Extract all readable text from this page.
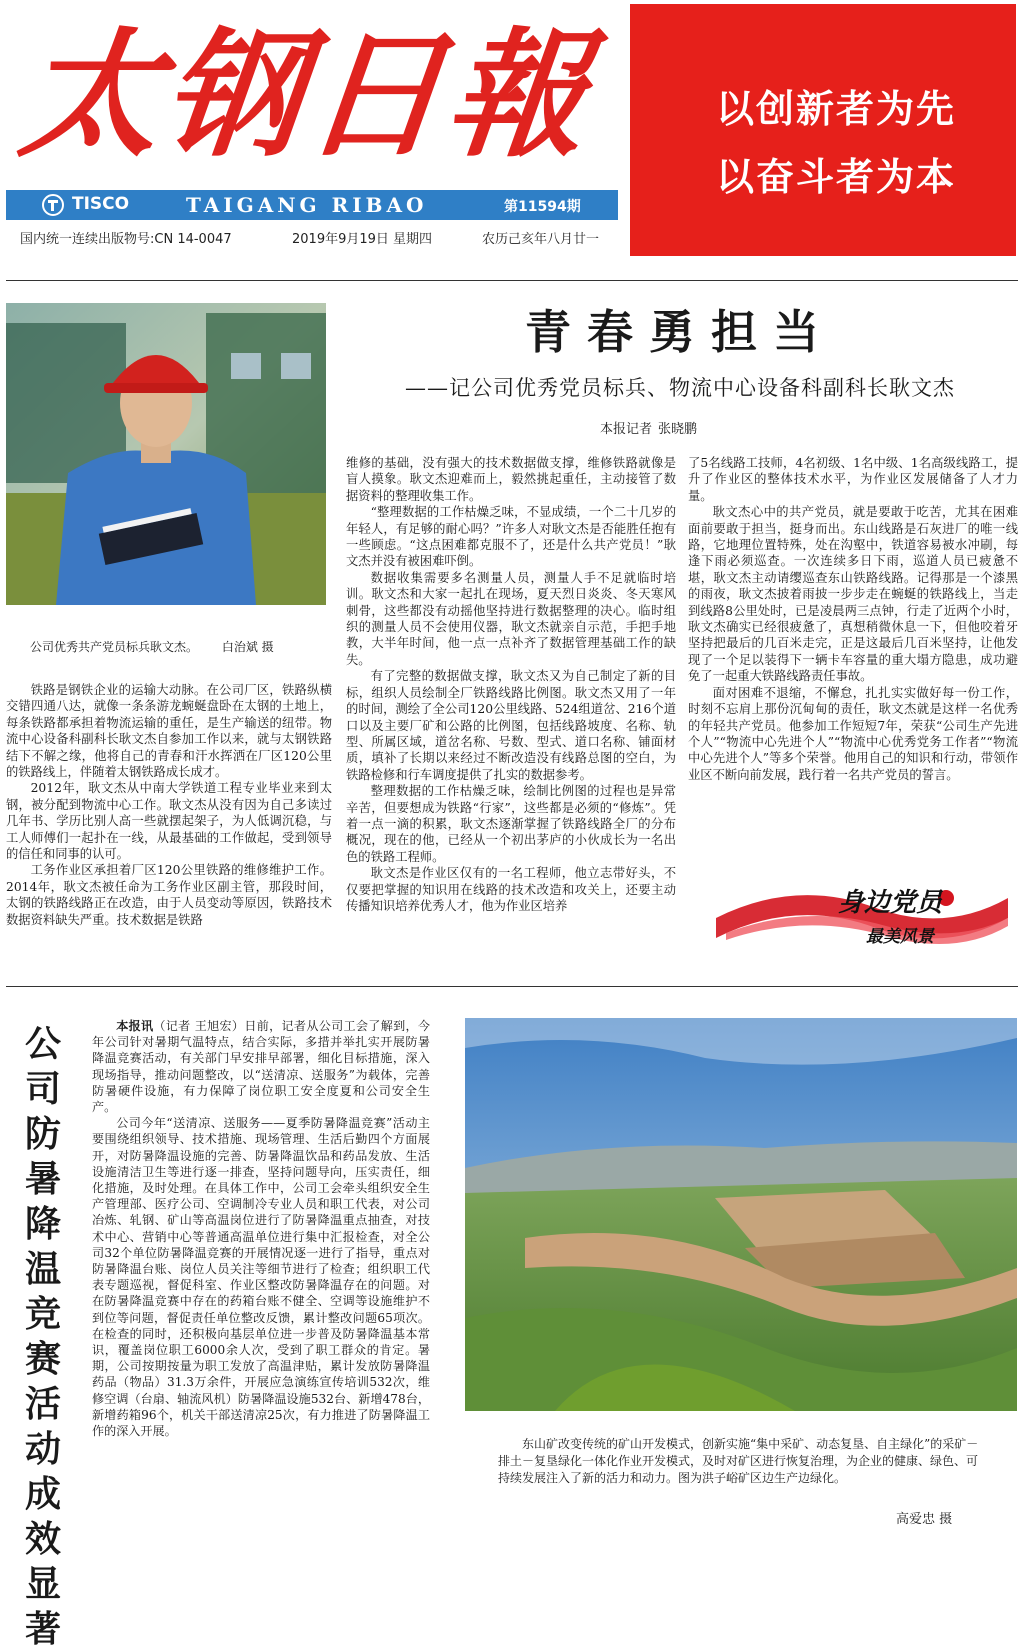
太钢日報	以创新者为先
以奋斗者为本
TISCO	TAIGANG RIBAO	第11594期
国内统一连续出版物号:CN 14-0047	2019年9月19日 星期四	农历己亥年八月廿一
公司优秀共产党员标兵耿文杰。 白治斌 摄
青春勇担当
——记公司优秀党员标兵、物流中心设备科副科长耿文杰
本报记者 张晓鹏

铁路是钢铁企业的运输大动脉。在公司厂区，铁路纵横交错四通八达，就像一条条游龙蜿蜒盘卧在太钢的土地上，每条铁路都承担着物流运输的重任，是生产输送的纽带。物流中心设备科副科长耿文杰自参加工作以来，就与太钢铁路结下不解之缘，他将自己的青春和汗水挥洒在厂区120公里的铁路线上，伴随着太钢铁路成长成才。

2012年，耿文杰从中南大学铁道工程专业毕业来到太钢，被分配到物流中心工作。耿文杰从没有因为自己多读过几年书、学历比别人高一些就摆起架子，为人低调沉稳，与工人师傅们一起扑在一线，从最基础的工作做起，受到领导的信任和同事的认可。

工务作业区承担着厂区120公里铁路的维修维护工作。2014年，耿文杰被任命为工务作业区副主管，那段时间，太钢的铁路线路正在改造，由于人员变动等原因，铁路技术数据资料缺失严重。技术数据是铁路

维修的基础，没有强大的技术数据做支撑，维修铁路就像是盲人摸象。耿文杰迎难而上，毅然挑起重任，主动接管了数据资料的整理收集工作。

“整理数据的工作枯燥乏味，不显成绩，一个二十几岁的年轻人，有足够的耐心吗？”许多人对耿文杰是否能胜任抱有一些顾虑。“这点困难都克服不了，还是什么共产党员！”耿文杰并没有被困难吓倒。

数据收集需要多名测量人员，测量人手不足就临时培训。耿文杰和大家一起扎在现场，夏天烈日炎炎、冬天寒风刺骨，这些都没有动摇他坚持进行数据整理的决心。临时组织的测量人员不会使用仪器，耿文杰就亲自示范，手把手地教，大半年时间，他一点一点补齐了数据管理基础工作的缺失。

有了完整的数据做支撑，耿文杰又为自己制定了新的目标，组织人员绘制全厂铁路线路比例图。耿文杰又用了一年的时间，测绘了全公司120公里线路、524组道岔、216个道口以及主要厂矿和公路的比例图，包括线路坡度、名称、轨型、所属区域，道岔名称、号数、型式、道口名称、铺面材质，填补了长期以来经过不断改造没有线路总图的空白，为铁路检修和行车调度提供了扎实的数据参考。

整理数据的工作枯燥乏味，绘制比例图的过程也是异常辛苦，但要想成为铁路“行家”，这些都是必须的“修炼”。凭着一点一滴的积累，耿文杰逐渐掌握了铁路线路全厂的分布概况，现在的他，已经从一个初出茅庐的小伙成长为一名出色的铁路工程师。

耿文杰是作业区仅有的一名工程师，他立志带好头，不仅要把掌握的知识用在线路的技术改造和攻关上，还要主动传播知识培养优秀人才，他为作业区培养

了5名线路工技师，4名初级、1名中级、1名高级线路工，提升了作业区的整体技术水平，为作业区发展储备了人才力量。

耿文杰心中的共产党员，就是要敢于吃苦，尤其在困难面前要敢于担当，挺身而出。东山线路是石灰进厂的唯一线路，它地理位置特殊，处在沟壑中，铁道容易被水冲刷，每逢下雨必须巡查。一次连续多日下雨，巡道人员已疲惫不堪，耿文杰主动请缨巡查东山铁路线路。记得那是一个漆黑的雨夜，耿文杰披着雨披一步步走在蜿蜒的铁路线上，当走到线路8公里处时，已是凌晨两三点钟，行走了近两个小时，耿文杰确实已经很疲惫了，真想稍微休息一下，但他咬着牙坚持把最后的几百米走完，正是这最后几百米坚持，让他发现了一个足以装得下一辆卡车容量的重大塌方隐患，成功避免了一起重大铁路线路责任事故。

面对困难不退缩，不懈怠，扎扎实实做好每一份工作，时刻不忘肩上那份沉甸甸的责任，耿文杰就是这样一名优秀的年轻共产党员。他参加工作短短7年，荣获“公司生产先进个人”“物流中心先进个人”“物流中心优秀党务工作者”“物流中心先进个人”等多个荣誉。他用自己的知识和行动，带领作业区不断向前发展，践行着一名共产党员的誓言。

身边党员
最美风景
公
司
防
暑
降
温
竞
赛
活
动
成
效
显
著

本报讯（记者 王旭宏）日前，记者从公司工会了解到，今年公司针对暑期气温特点，结合实际，多措并举扎实开展防暑降温竞赛活动，有关部门早安排早部署，细化目标措施，深入现场指导，推动问题整改，以“送清凉、送服务”为载体，完善防暑硬件设施，有力保障了岗位职工安全度夏和公司安全生产。

公司今年“送清凉、送服务——夏季防暑降温竞赛”活动主要围绕组织领导、技术措施、现场管理、生活后勤四个方面展开，对防暑降温设施的完善、防暑降温饮品和药品发放、生活设施清洁卫生等进行逐一排查，坚持问题导向，压实责任，细化措施，及时处理。在具体工作中，公司工会牵头组织安全生产管理部、医疗公司、空调制冷专业人员和职工代表，对公司冶炼、轧钢、矿山等高温岗位进行了防暑降温重点抽查，对技术中心、营销中心等普通高温单位进行集中汇报检查，对全公司32个单位防暑降温竞赛的开展情况逐一进行了指导，重点对防暑降温台账、岗位人员关注等细节进行了检查；组织职工代表专题巡视，督促科室、作业区整改防暑降温存在的问题。对在防暑降温竞赛中存在的药箱台账不健全、空调等设施维护不到位等问题，督促责任单位整改反馈，累计整改问题65项次。在检查的同时，还积极向基层单位进一步普及防暑降温基本常识，覆盖岗位职工6000余人次，受到了职工群众的肯定。暑期，公司按期按量为职工发放了高温津贴，累计发放防暑降温药品（物品）31.3万余件，开展应急演练宣传培训532次，维修空调（台扇、轴流风机）防暑降温设施532台、新增478台，新增药箱96个，机关干部送清凉25次，有力推进了防暑降温工作的深入开展。

东山矿改变传统的矿山开发模式，创新实施“集中采矿、动态复垦、自主绿化”的采矿－排土－复垦绿化一体化作业开发模式，及时对矿区进行恢复治理，为企业的健康、绿色、可持续发展注入了新的活力和动力。图为洪子峪矿区边生产边绿化。
高爱忠 摄
